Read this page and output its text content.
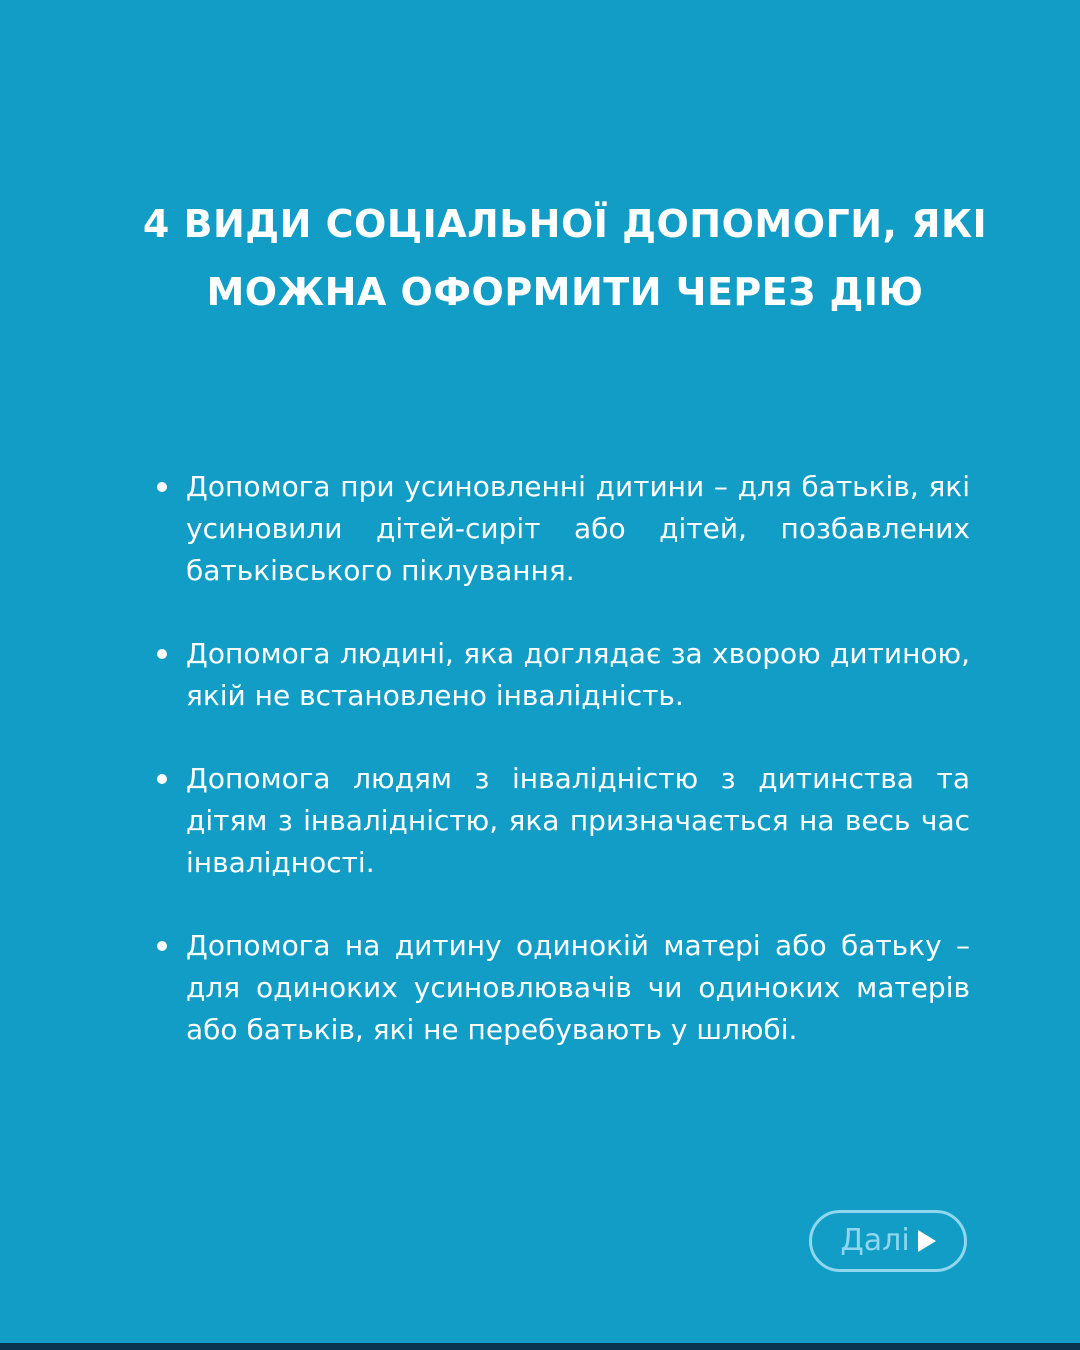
4 ВИДИ СОЦІАЛЬНОЇ ДОПОМОГИ, ЯКІ
МОЖНА ОФОРМИТИ ЧЕРЕЗ ДІЮ
Допомога при усиновленні дитини – для батьків, які усиновили дітей-сиріт або дітей, позбавлених батьківського піклування.
Допомога людині, яка доглядає за хворою дитиною, якій не встановлено інвалідність.
Допомога людям з інвалідністю з дитинства та дітям з інвалідністю, яка призначається на весь час інвалідності.
Допомога на дитину одинокій матері або батьку – для одиноких усиновлювачів чи одиноких матерів або батьків, які не перебувають у шлюбі.
Далі
